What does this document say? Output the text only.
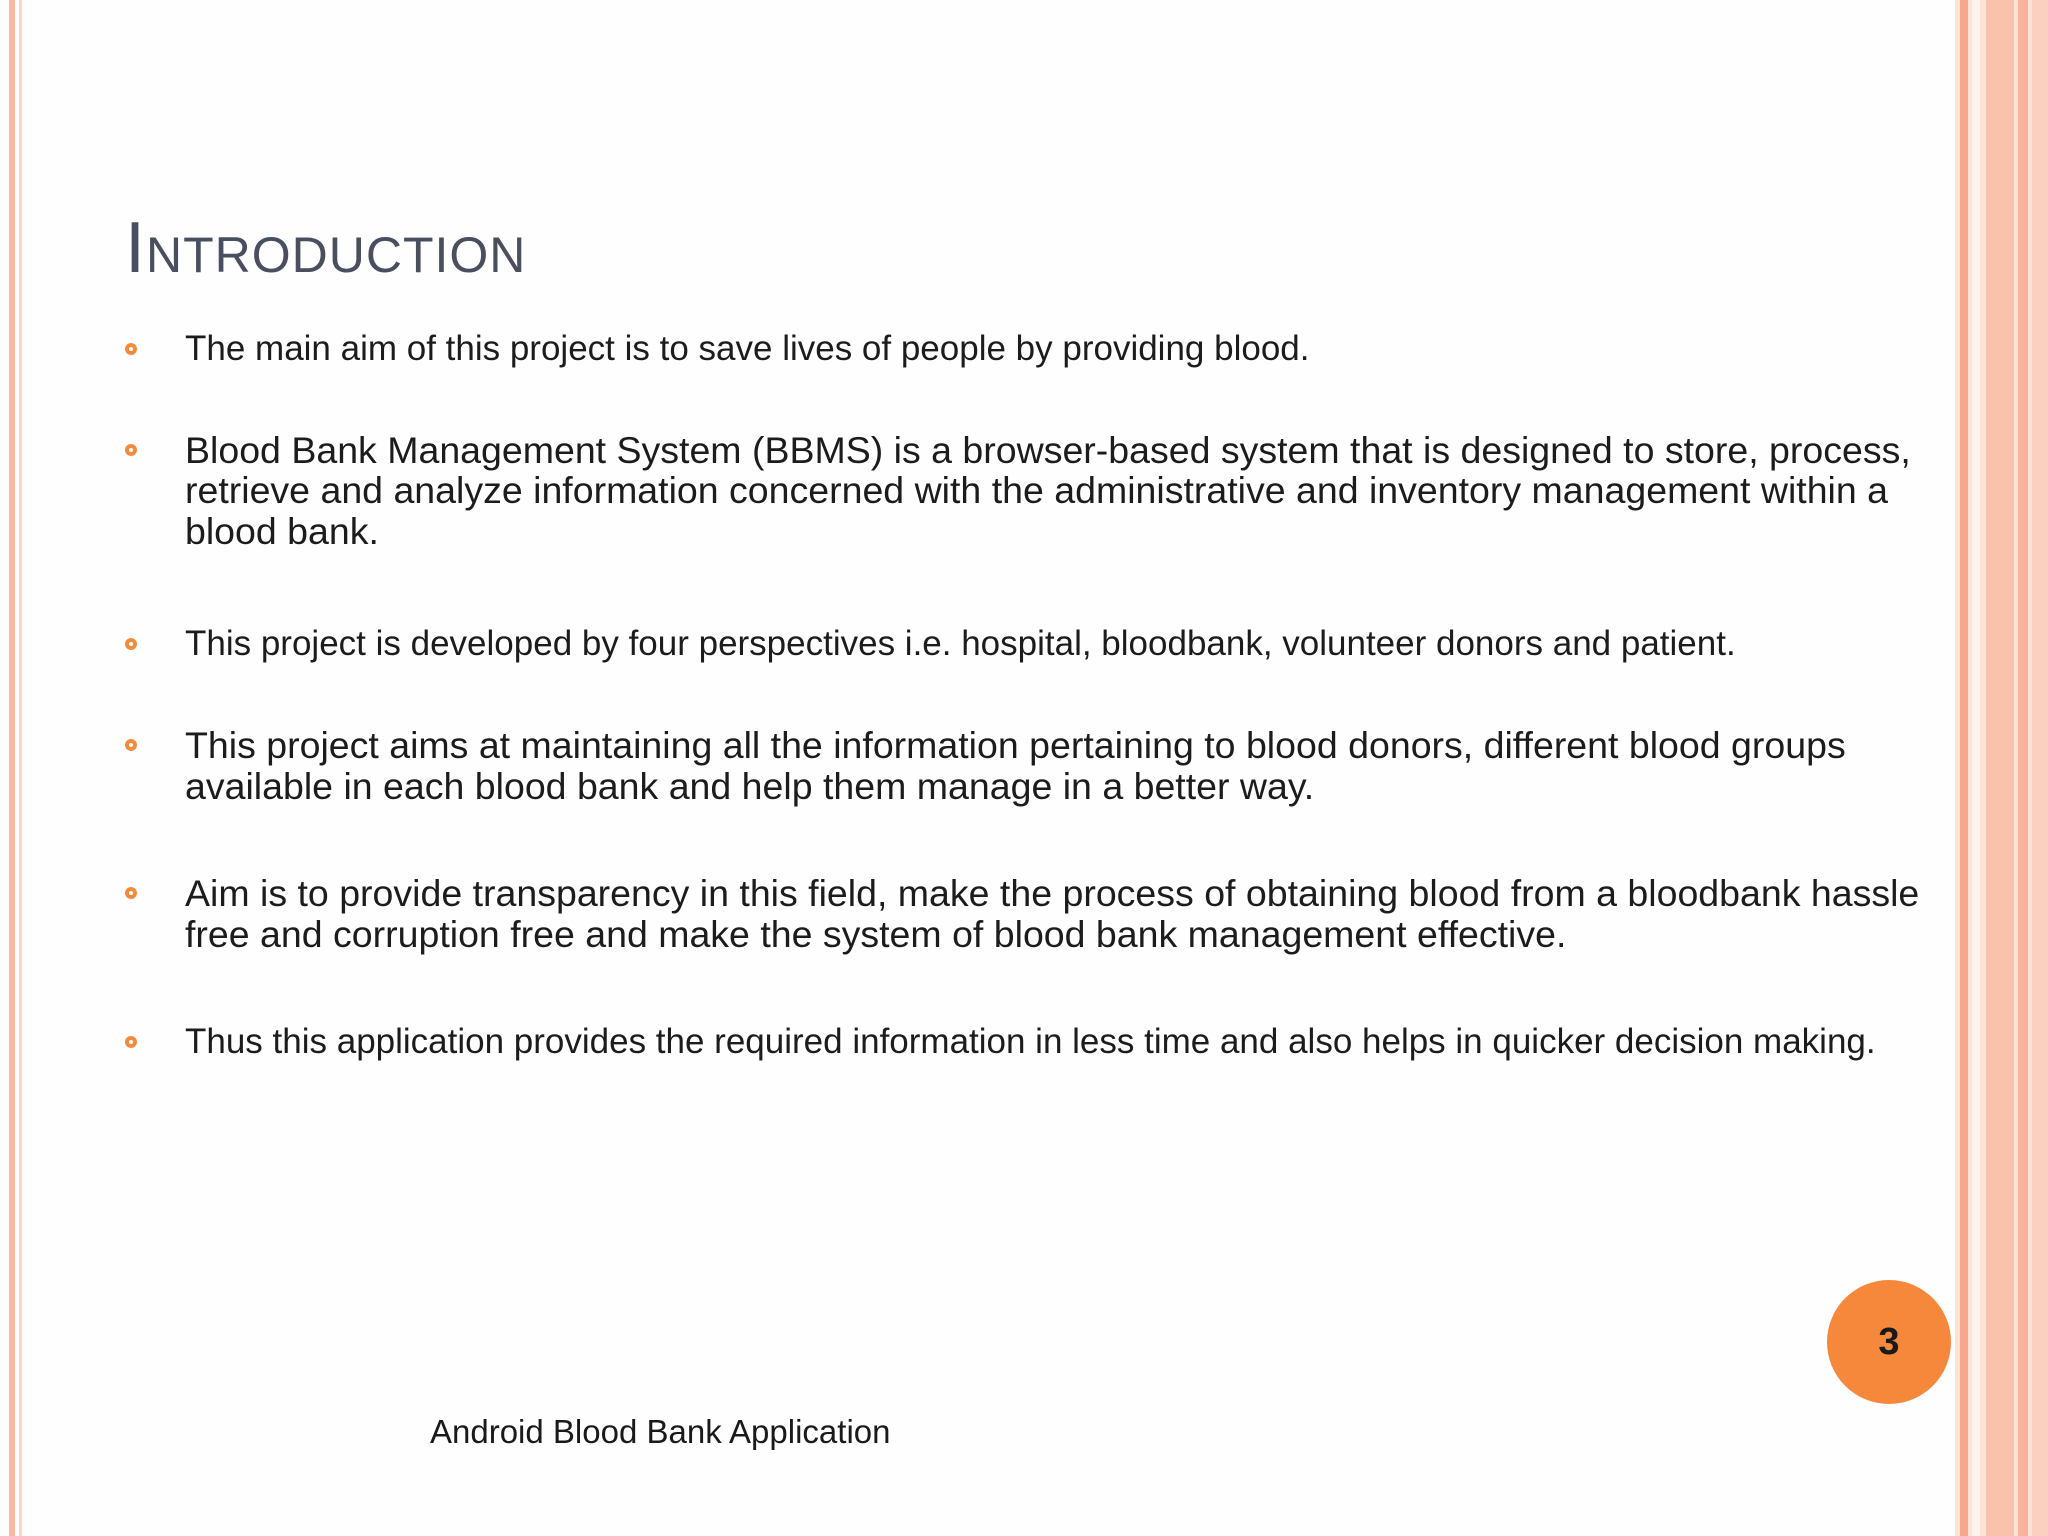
Introduction
The main aim of this project is to save lives of people by providing blood.
Blood Bank Management System (BBMS) is a browser-based system that is designed to store, process, retrieve and analyze information concerned with the administrative and inventory management within a blood bank.
This project is developed by four perspectives i.e. hospital, bloodbank, volunteer donors and patient.
This project aims at maintaining all the information pertaining to blood donors, different blood groups available in each blood bank and help them manage in a better way.
Aim is to provide transparency in this field, make the process of obtaining blood from a bloodbank hassle free and corruption free and make the system of blood bank management effective.
Thus this application provides the required information in less time and also helps in quicker decision making.
3
Android Blood Bank Application
